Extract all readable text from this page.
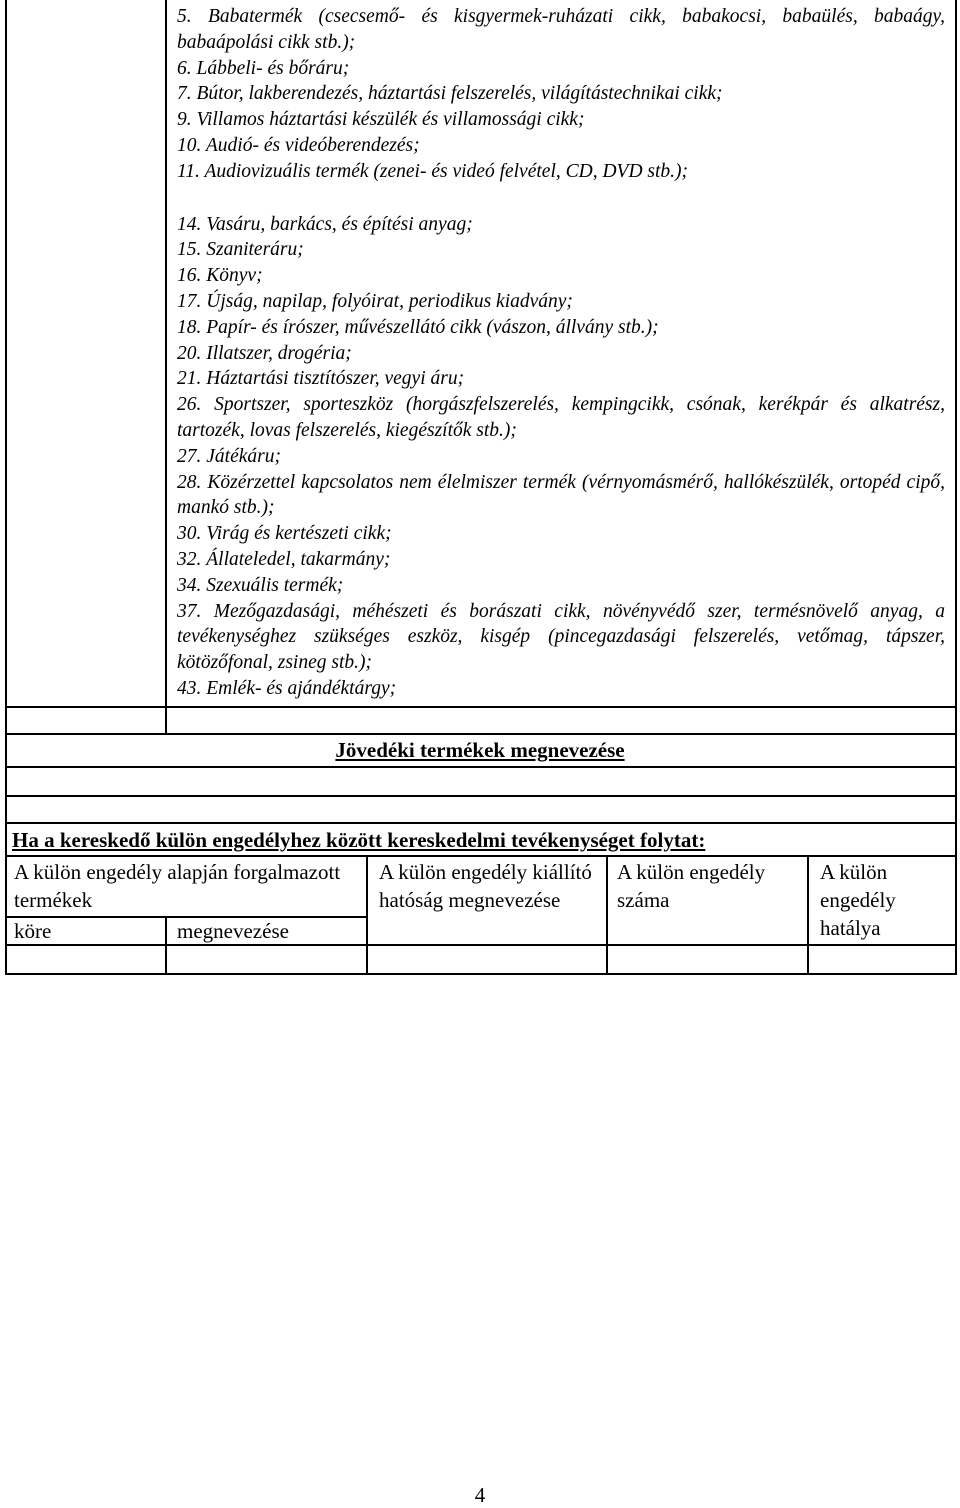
5. Babatermék (csecsemő- és kisgyermek-ruházati cikk, babakocsi, babaülés, babaágy, babaápolási cikk stb.);

6. Lábbeli- és bőráru;

7. Bútor, lakberendezés, háztartási felszerelés, világítástechnikai cikk;

9. Villamos háztartási készülék és villamossági cikk;

10. Audió- és videóberendezés;

11. Audiovizuális termék (zenei- és videó felvétel, CD, DVD stb.);

14. Vasáru, barkács, és építési anyag;

15. Szaniteráru;

16. Könyv;

17. Újság, napilap, folyóirat, periodikus kiadvány;

18. Papír- és írószer, művészellátó cikk (vászon, állvány stb.);

20. Illatszer, drogéria;

21. Háztartási tisztítószer, vegyi áru;

26. Sportszer, sporteszköz (horgászfelszerelés, kempingcikk, csónak, kerékpár és alkatrész, tartozék, lovas felszerelés, kiegészítők stb.);

27. Játékáru;

28. Közérzettel kapcsolatos nem élelmiszer termék (vérnyomásmérő, hallókészülék, ortopéd cipő, mankó stb.);

30. Virág és kertészeti cikk;

32. Állateledel, takarmány;

34. Szexuális termék;

37. Mezőgazdasági, méhészeti és borászati cikk, növényvédő szer, termésnövelő anyag, a tevékenységhez szükséges eszköz, kisgép (pincegazdasági felszerelés, vetőmag, tápszer, kötözőfonal, zsineg stb.);

43. Emlék- és ajándéktárgy;

Jövedéki termékek megnevezése
Ha a kereskedő külön engedélyhez között kereskedelmi tevékenységet folytat:
A külön engedély alapján forgalmazott termékek
köre	megnevezése
A külön engedély kiállító hatóság megnevezése
A külön engedély száma
A külön engedély hatálya
4
